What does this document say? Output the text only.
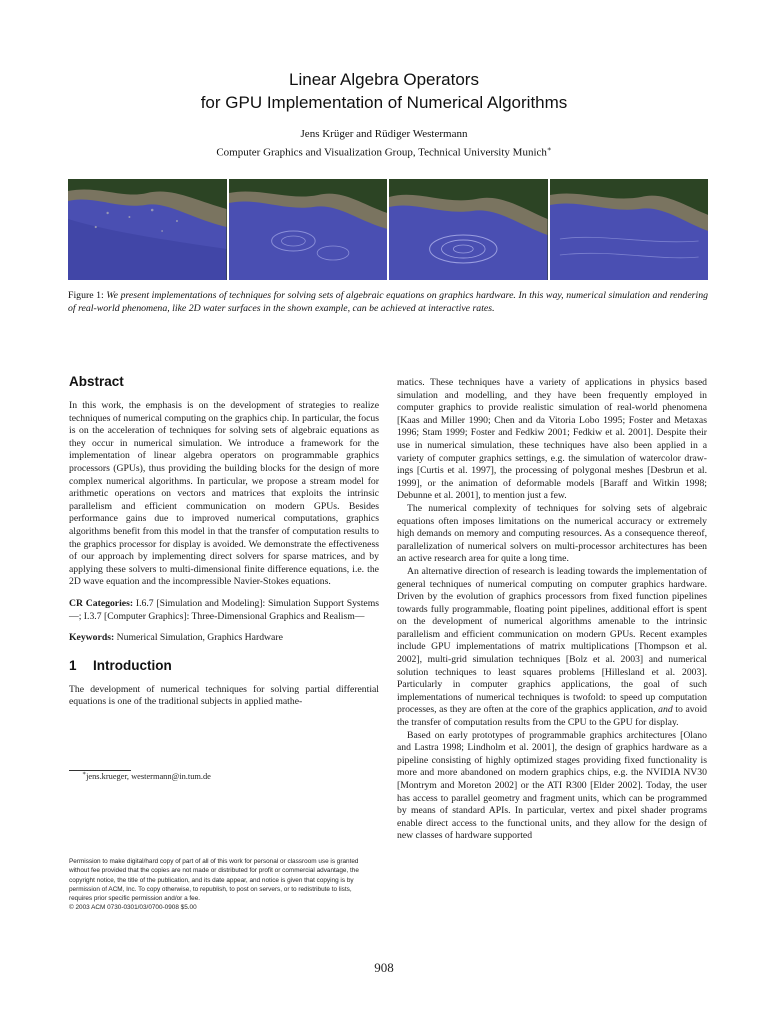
Linear Algebra Operators
for GPU Implementation of Numerical Algorithms
Jens Krüger and Rüdiger Westermann
Computer Graphics and Visualization Group, Technical University Munich∗
Figure 1: We present implementations of techniques for solving sets of algebraic equations on graphics hardware. In this way, numerical simulation and rendering of real-world phenomena, like 2D water surfaces in the shown example, can be achieved at interactive rates.
Abstract

In this work, the emphasis is on the development of strategies to realize techniques of numerical computing on the graphics chip. In particular, the focus is on the acceleration of techniques for solving sets of algebraic equations as they occur in numerical simulation. We introduce a framework for the implementation of linear algebra operators on programmable graphics processors (GPUs), thus providing the building blocks for the design of more complex numerical algorithms. In particular, we propose a stream model for arithmetic operations on vectors and matrices that exploits the intrinsic parallelism and efficient communication on modern GPUs. Besides performance gains due to improved numerical computations, graphics algorithms benefit from this model in that the transfer of computation results to the graphics processor for display is avoided. We demonstrate the effectiveness of our approach by implementing direct solvers for sparse matrices, and by applying these solvers to multi-dimensional finite difference equations, i.e. the 2D wave equation and the incompressible Navier-Stokes equations.

CR Categories: I.6.7 [Simulation and Modeling]: Simulation Support Systems—; I.3.7 [Computer Graphics]: Three-Dimensional Graphics and Realism—

Keywords: Numerical Simulation, Graphics Hardware

1 Introduction

The development of numerical techniques for solving partial differential equations is one of the traditional subjects in applied mathe-

∗jens.krueger, westermann@in.tum.de

Permission to make digital/hard copy of part of all of this work for personal or classroom use is granted without fee provided that the copies are not made or distributed for profit or commercial advantage, the copyright notice, the title of the publication, and its date appear, and notice is given that copying is by permission of ACM, Inc. To copy otherwise, to republish, to post on servers, or to redistribute to lists, requires prior specific permission and/or a fee.

© 2003 ACM 0730-0301/03/0700-0908 $5.00

matics. These techniques have a variety of applications in physics based simulation and modelling, and they have been frequently employed in computer graphics to provide realistic simulation of real-world phenomena [Kaas and Miller 1990; Chen and da Vitoria Lobo 1995; Foster and Metaxas 1996; Stam 1999; Foster and Fedkiw 2001; Fedkiw et al. 2001]. Despite their use in numerical simulation, these techniques have also been applied in a variety of computer graphics settings, e.g. the simulation of watercolor drawings [Curtis et al. 1997], the processing of polygonal meshes [Desbrun et al. 1999], or the animation of deformable models [Baraff and Witkin 1998; Debunne et al. 2001], to mention just a few.

The numerical complexity of techniques for solving sets of algebraic equations often imposes limitations on the numerical accuracy or extremely high demands on memory and computing resources. As a consequence thereof, parallelization of numerical solvers on multi-processor architectures has been an active research area for quite a long time.

An alternative direction of research is leading towards the implementation of general techniques of numerical computing on computer graphics hardware. Driven by the evolution of graphics processors from fixed function pipelines towards fully programmable, floating point pipelines, additional effort is spent on the development of numerical algorithms amenable to the intrinsic parallelism and efficient communication on modern GPUs. Recent examples include GPU implementations of matrix multiplications [Thompson et al. 2002], multi-grid simulation techniques [Bolz et al. 2003] and numerical solution techniques to least squares problems [Hillesland et al. 2003]. Particularly in computer graphics applications, the goal of such implementations of numerical techniques is twofold: to speed up computation processes, as they are often at the core of the graphics application, and to avoid the transfer of computation results from the CPU to the GPU for display.

Based on early prototypes of programmable graphics architectures [Olano and Lastra 1998; Lindholm et al. 2001], the design of graphics hardware as a pipeline consisting of highly optimized stages providing fixed functionality is more and more abandoned on modern graphics chips, e.g. the NVIDIA NV30 [Montrym and Moreton 2002] or the ATI R300 [Elder 2002]. Today, the user has access to parallel geometry and fragment units, which can be programmed by means of standard APIs. In particular, vertex and pixel shader programs enable direct access to the functional units, and they allow for the design of new classes of hardware supported

908
